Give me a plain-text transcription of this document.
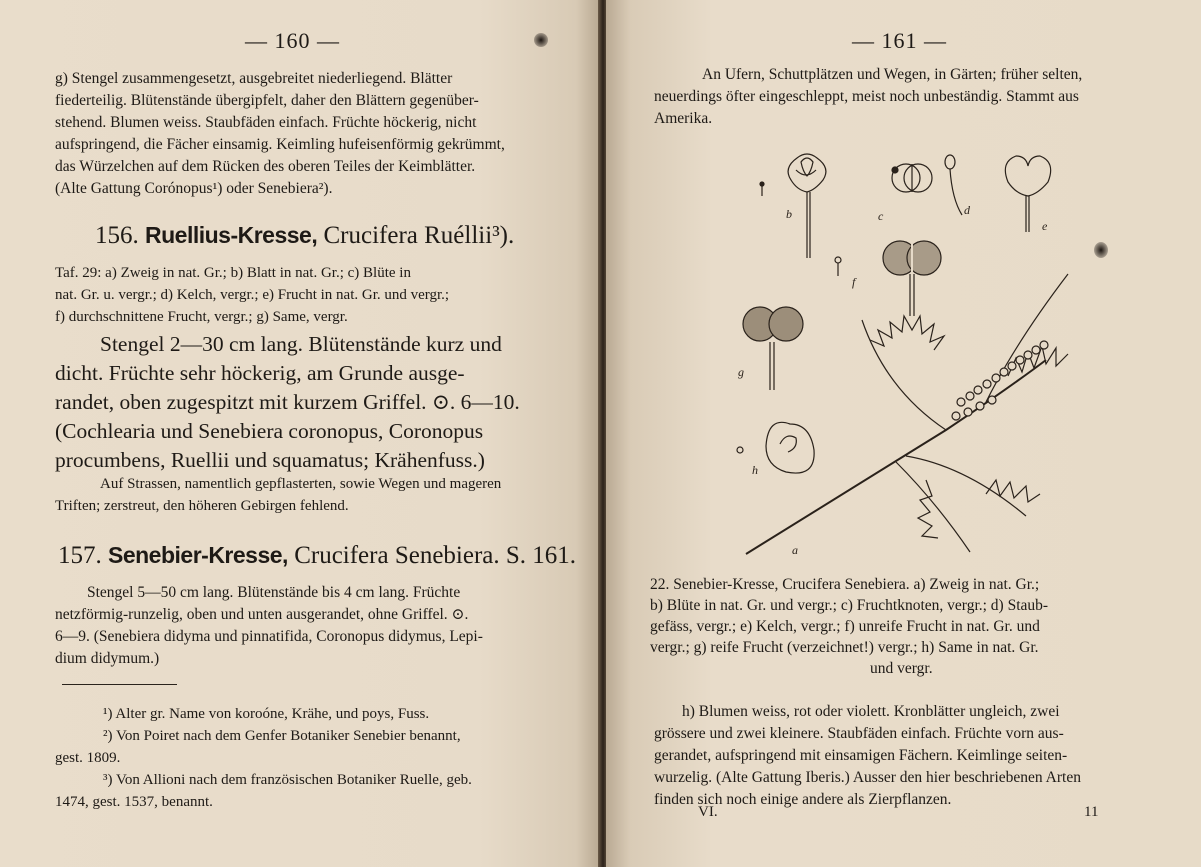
— 160 —

g) Stengel zusammengesetzt, ausgebreitet niederliegend. Blätter
fiederteilig. Blütenstände übergipfelt, daher den Blättern gegenüber-
stehend. Blumen weiss. Staubfäden einfach. Früchte höckerig, nicht
aufspringend, die Fächer einsamig. Keimling hufeisenförmig gekrümmt,
das Würzelchen auf dem Rücken des oberen Teiles der Keimblätter.
(Alte Gattung Corónopus¹) oder Senebiera²).

156. Ruellius-Kresse, Crucifera Ruéllii³).

Taf. 29: a) Zweig in nat. Gr.; b) Blatt in nat. Gr.; c) Blüte in
nat. Gr. u. vergr.; d) Kelch, vergr.; e) Frucht in nat. Gr. und vergr.;
f) durchschnittene Frucht, vergr.; g) Same, vergr.

Stengel 2—30 cm lang. Blütenstände kurz und
dicht. Früchte sehr höckerig, am Grunde ausge-
randet, oben zugespitzt mit kurzem Griffel. ⊙. 6—10.
(Cochlearia und Senebiera coronopus, Coronopus
procumbens, Ruellii und squamatus; Krähenfuss.)

Auf Strassen, namentlich gepflasterten, sowie Wegen und mageren
Triften; zerstreut, den höheren Gebirgen fehlend.

157. Senebier-Kresse, Crucifera Senebiera. S. 161.

Stengel 5—50 cm lang. Blütenstände bis 4 cm lang. Früchte
netzförmig-runzelig, oben und unten ausgerandet, ohne Griffel. ⊙.
6—9. (Senebiera didyma und pinnatifida, Coronopus didymus, Lepi-
dium didymum.)

¹) Alter gr. Name von koroóne, Krähe, und poys, Fuss.
²) Von Poiret nach dem Genfer Botaniker Senebier benannt,
gest. 1809.
³) Von Allioni nach dem französischen Botaniker Ruelle, geb.
1474, gest. 1537, benannt.

— 161 —

An Ufern, Schuttplätzen und Wegen, in Gärten; früher selten,
neuerdings öfter eingeschleppt, meist noch unbeständig. Stammt aus
Amerika.

b	c	d
e
f
g
h
a

22. Senebier-Kresse, Crucifera Senebiera. a) Zweig in nat. Gr.;
b) Blüte in nat. Gr. und vergr.; c) Fruchtknoten, vergr.; d) Staub-
gefäss, vergr.; e) Kelch, vergr.; f) unreife Frucht in nat. Gr. und
vergr.; g) reife Frucht (verzeichnet!) vergr.; h) Same in nat. Gr.
und vergr.

h) Blumen weiss, rot oder violett. Kronblätter ungleich, zwei
grössere und zwei kleinere. Staubfäden einfach. Früchte vorn aus-
gerandet, aufspringend mit einsamigen Fächern. Keimlinge seiten-
wurzelig. (Alte Gattung Iberis.) Ausser den hier beschriebenen Arten
finden sich noch einige andere als Zierpflanzen.

VI.	11
